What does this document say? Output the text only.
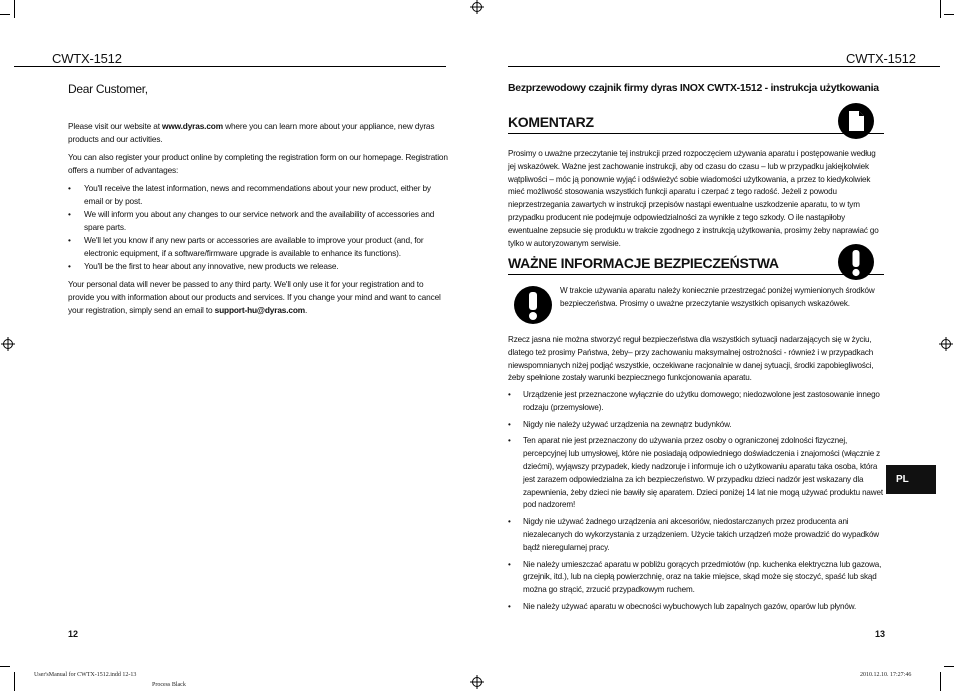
CWTX-1512	CWTX-1512
Dear Customer,

Please visit our website at www.dyras.com where you can learn more about your appliance, new dyras products and our activities.

You can also register your product online by completing the registration form on our homepage. Registration offers a number of advantages:

• You'll receive the latest information, news and recommendations about your new product, either by email or by post.
• We will inform you about any changes to our service network and the availability of accessories and spare parts.
• We'll let you know if any new parts or accessories are available to improve your product (and, for electronic equipment, if a software/firmware upgrade is available to enhance its functions).
• You'll be the first to hear about any innovative, new products we release.

Your personal data will never be passed to any third party. We'll only use it for your registration and to provide you with information about our products and services. If you change your mind and want to cancel your registration, simply send an email to support-hu@dyras.com.

12
Bezprzewodowy czajnik firmy dyras INOX CWTX-1512 - instrukcja użytkowania
KOMENTARZ
Prosimy o uważne przeczytanie tej instrukcji przed rozpoczęciem używania aparatu i postępowanie według jej wskazówek. Ważne jest zachowanie instrukcji, aby od czasu do czasu – lub w przypadku jakiejkolwiek wątpliwości – móc ją ponownie wyjąć i odświeżyć sobie wiadomości użytkowania, a przez to kiedykolwiek mieć możliwość stosowania wszystkich funkcji aparatu i czerpać z tego radość. Jeżeli z powodu nieprzestrzegania zawartych w instrukcji przepisów nastąpi ewentualne uszkodzenie aparatu, to w tym przypadku producent nie podejmuje odpowiedzialności za wynikłe z tego szkody. O ile nastąpiłoby ewentualne zepsucie się produktu w trakcie zgodnego z instrukcją użytkowania, prosimy żeby naprawiać go tylko w autoryzowanym serwisie.
WAŻNE INFORMACJE BEZPIECZEŃSTWA
W trakcie używania aparatu należy koniecznie przestrzegać poniżej wymienionych środków bezpieczeństwa. Prosimy o uważne przeczytanie wszystkich opisanych wskazówek.
Rzecz jasna nie można stworzyć reguł bezpieczeństwa dla wszystkich sytuacji nadarzających się w życiu, dlatego też prosimy Państwa, żeby– przy zachowaniu maksymalnej ostrożności - również i w przypadkach niewspomnianych niżej podjąć wszystkie, oczekiwane racjonalnie w danej sytuacji, środki zapobiegliwości, żeby spełnione zostały warunki bezpiecznego funkcjonowania aparatu.
• Urządzenie jest przeznaczone wyłącznie do użytku domowego; niedozwolone jest zastosowanie innego rodzaju (przemysłowe).
• Nigdy nie należy używać urządzenia na zewnątrz budynków.
• Ten aparat nie jest przeznaczony do używania przez osoby o ograniczonej zdolności fizycznej, percepcyjnej lub umysłowej, które nie posiadają odpowiedniego doświadczenia i znajomości (włącznie z dziećmi), wyjąwszy przypadek, kiedy nadzoruje i informuje ich o użytkowaniu aparatu taka osoba, która jest zarazem odpowiedzialna za ich bezpieczeństwo. W przypadku dzieci nadzór jest wskazany dla zapewnienia, żeby dzieci nie bawiły się aparatem. Dzieci poniżej 14 lat nie mogą używać produktu nawet pod nadzorem!
• Nigdy nie używać żadnego urządzenia ani akcesoriów, niedostarczanych przez producenta ani niezalecanych do wykorzystania z urządzeniem. Użycie takich urządzeń może prowadzić do wypadków bądź nieregularnej pracy.
• Nie należy umieszczać aparatu w pobliżu gorących przedmiotów (np. kuchenka elektryczna lub gazowa, grzejnik, itd.), lub na ciepłą powierzchnię, oraz na takie miejsce, skąd może się stoczyć, spaść lub skąd można go strącić, zrzucić przypadkowym ruchem.
• Nie należy używać aparatu w obecności wybuchowych lub zapalnych gazów, oparów lub płynów.
PL
13
User'sManual for CWTX-1512.indd 12-13
Process Black
2010.12.10. 17:27:46
